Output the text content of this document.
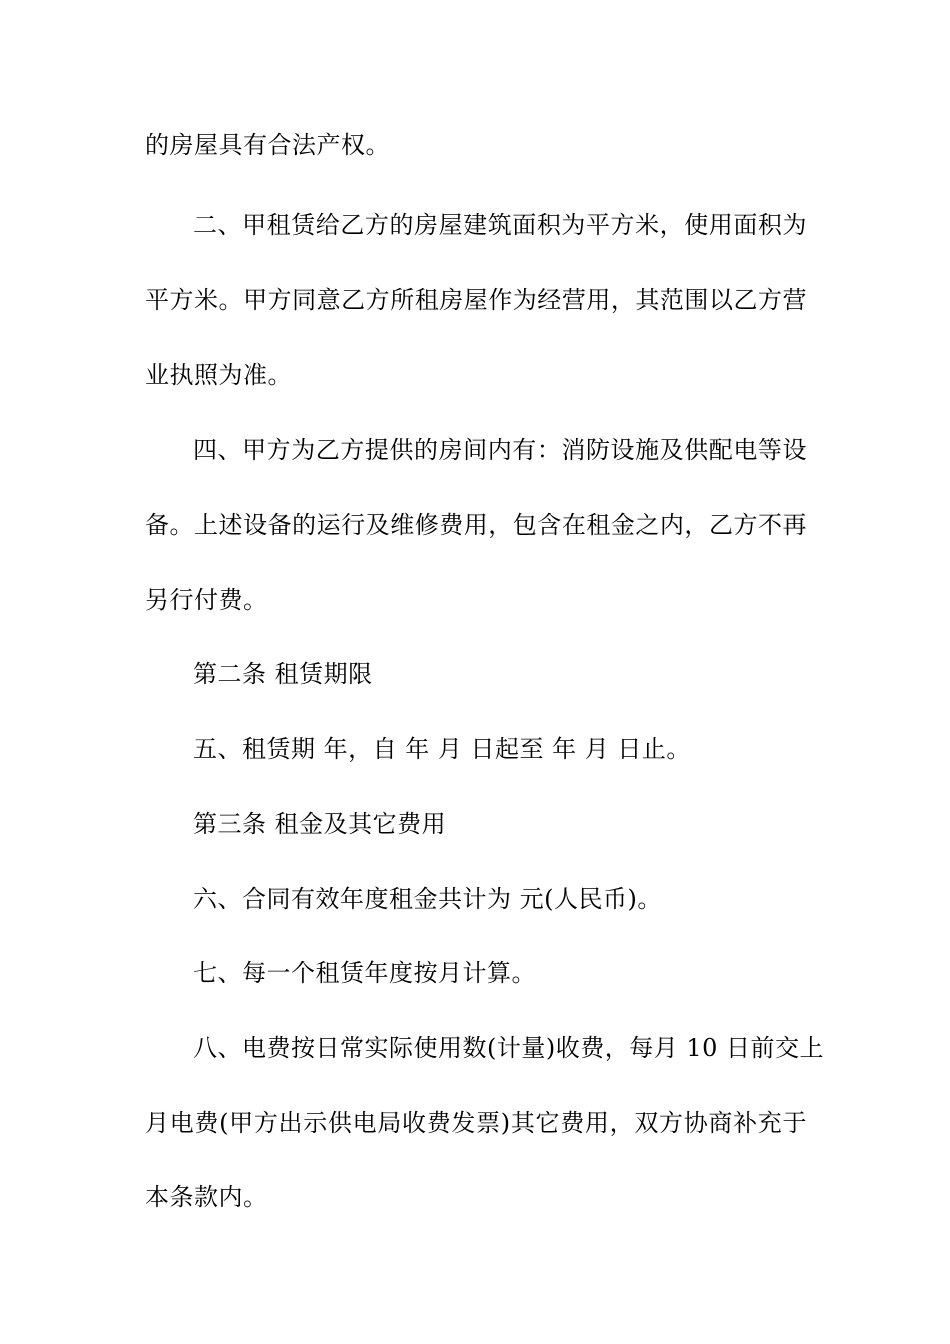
的房屋具有合法产权。
二、甲租赁给乙方的房屋建筑面积为平方米，使用面积为
平方米。甲方同意乙方所租房屋作为经营用，其范围以乙方营
业执照为准。
四、甲方为乙方提供的房间内有：消防设施及供配电等设
备。上述设备的运行及维修费用，包含在租金之内，乙方不再
另行付费。
第二条 租赁期限
五、租赁期 年，自 年 月 日起至 年 月 日止。
第三条 租金及其它费用
六、合同有效年度租金共计为 元(人民币)。
七、每一个租赁年度按月计算。
八、电费按日常实际使用数(计量)收费，每月 10 日前交上
月电费(甲方出示供电局收费发票)其它费用，双方协商补充于
本条款内。
